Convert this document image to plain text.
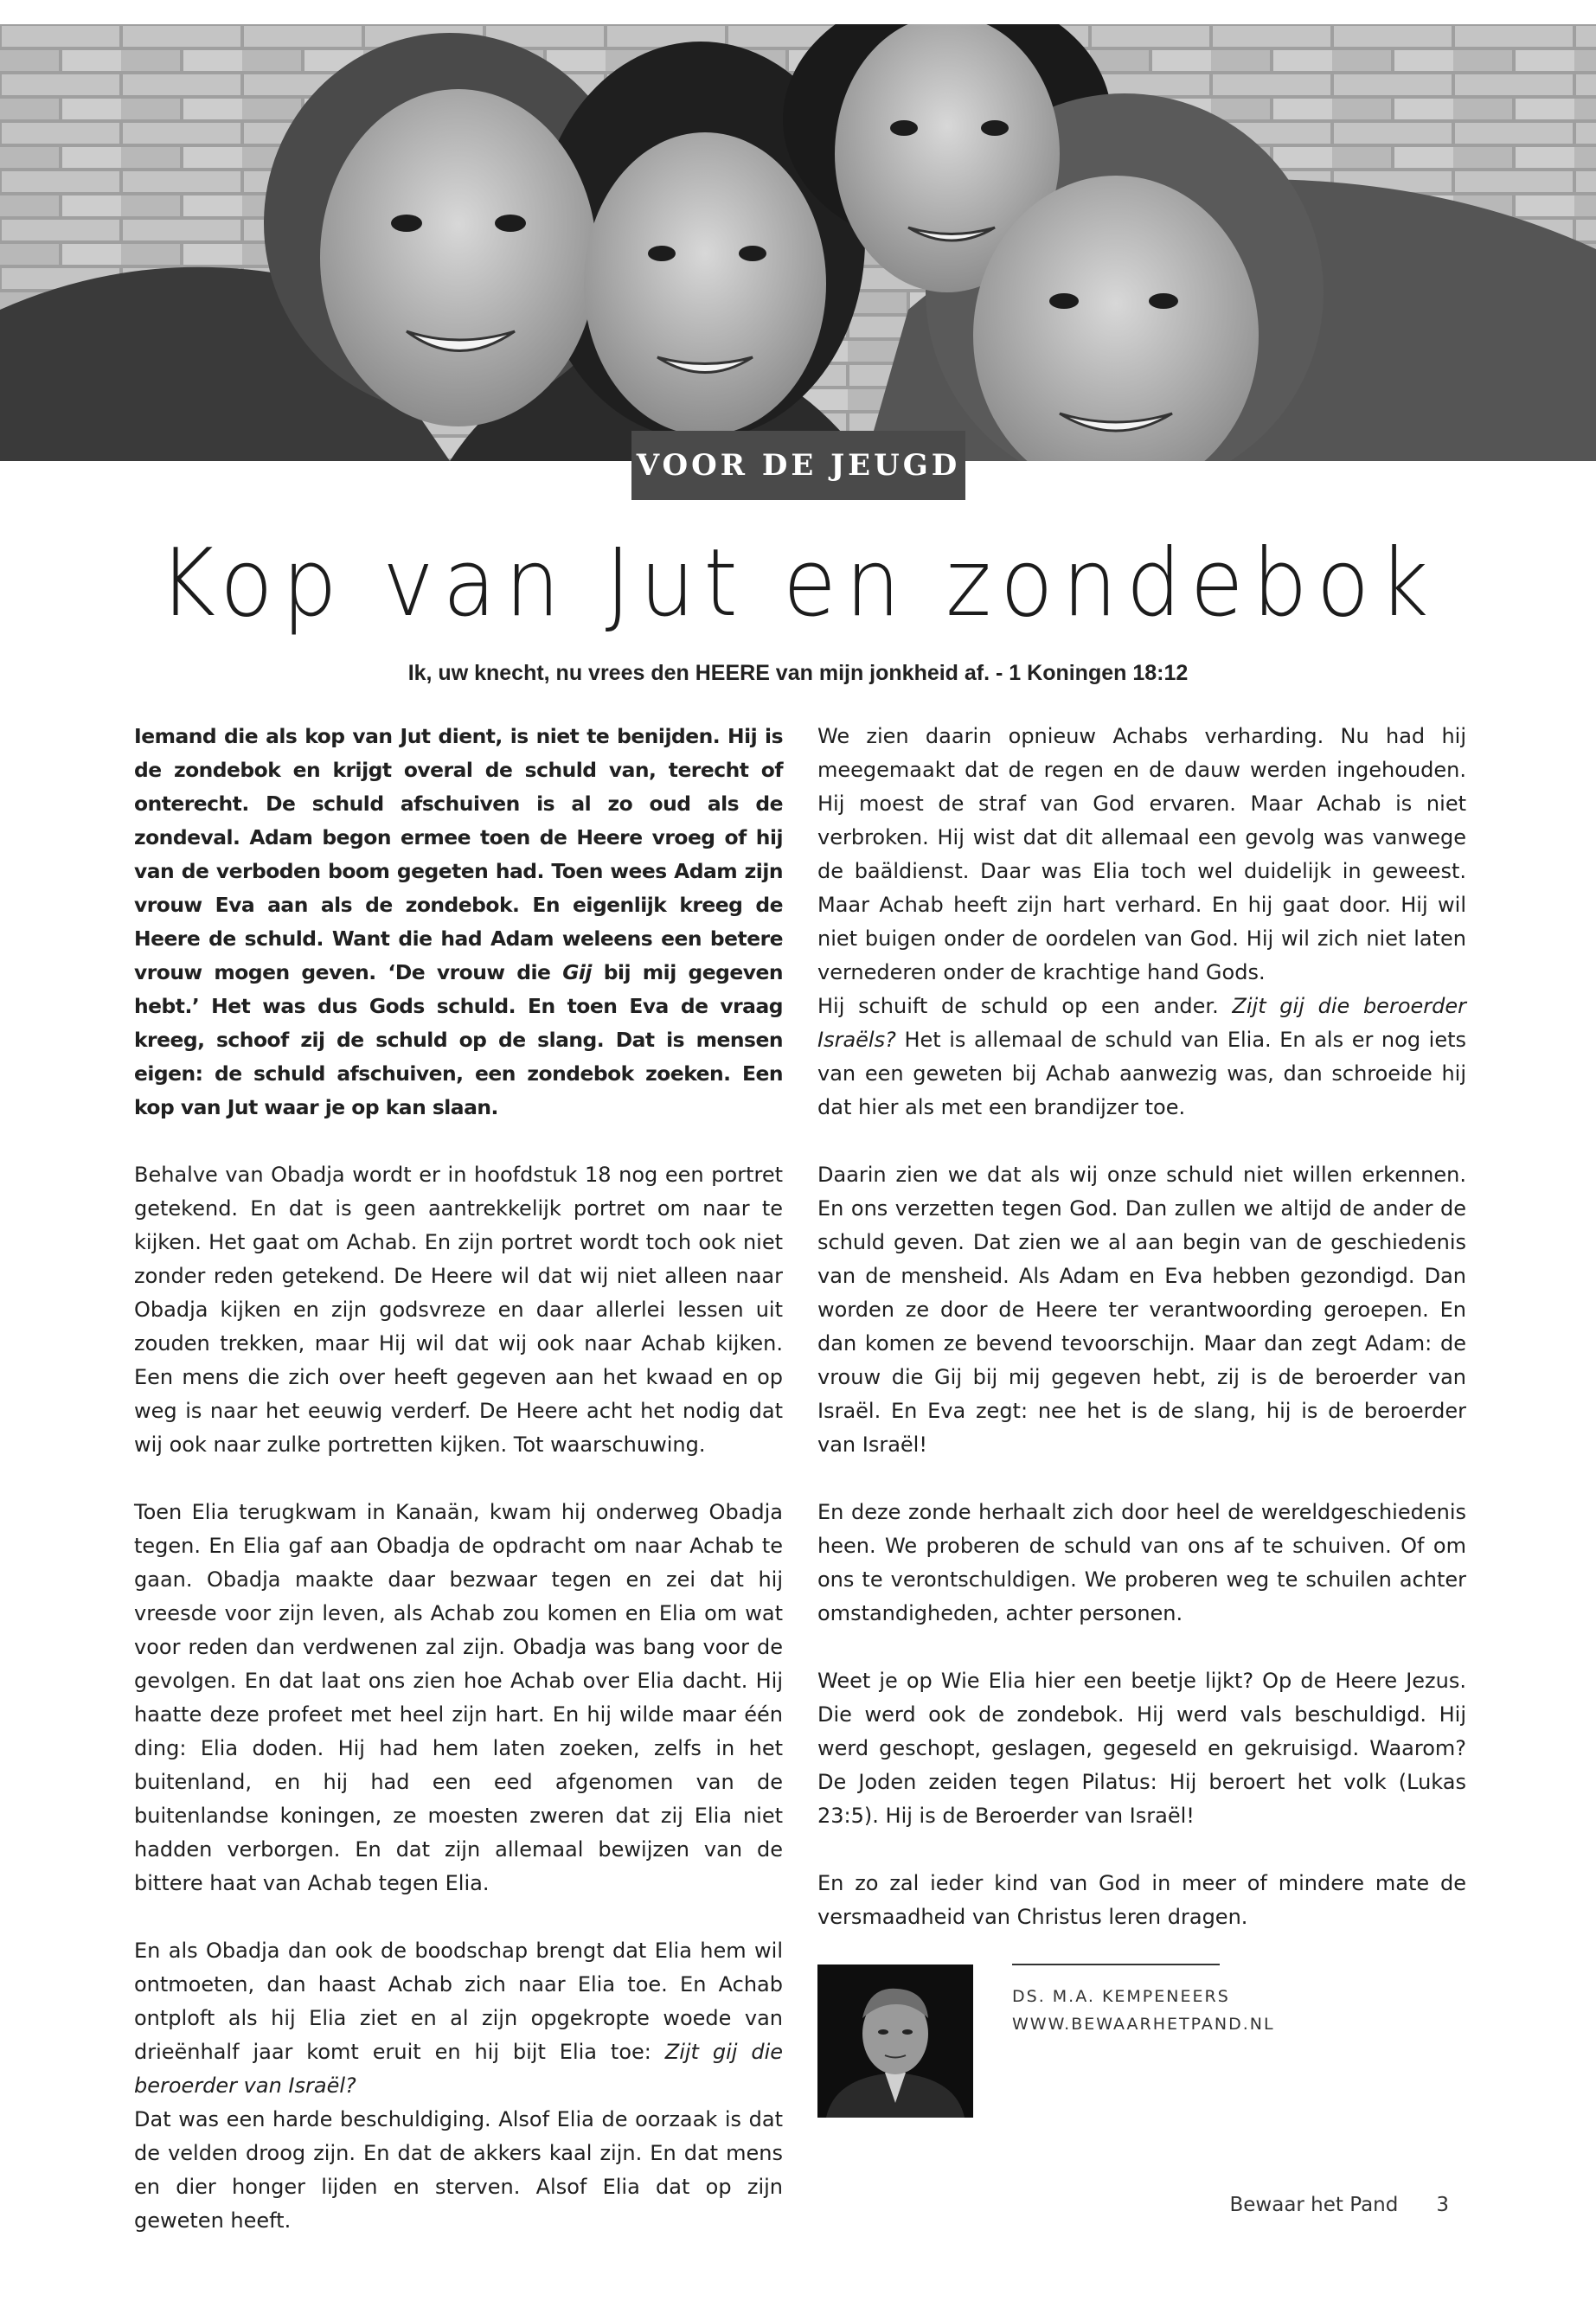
VOOR DE JEUGD
Kop van Jut en zondebok
Ik, uw knecht, nu vrees den HEERE van mijn jonkheid af. - 1 Koningen 18:12

Iemand die als kop van Jut dient, is niet te benijden. Hij is de zondebok en krijgt overal de schuld van, terecht of onterecht. De schuld afschuiven is al zo oud als de zondeval. Adam begon ermee toen de Heere vroeg of hij van de verboden boom gegeten had. Toen wees Adam zijn vrouw Eva aan als de zondebok. En eigenlijk kreeg de Heere de schuld. Want die had Adam weleens een betere vrouw mogen geven. ‘De vrouw die Gij bij mij gegeven hebt.’ Het was dus Gods schuld. En toen Eva de vraag kreeg, schoof zij de schuld op de slang. Dat is mensen eigen: de schuld afschuiven, een zondebok zoeken. Een kop van Jut waar je op kan slaan.

Behalve van Obadja wordt er in hoofdstuk 18 nog een portret getekend. En dat is geen aantrekkelijk portret om naar te kijken. Het gaat om Achab. En zijn portret wordt toch ook niet zonder reden getekend. De Heere wil dat wij niet alleen naar Obadja kijken en zijn godsvreze en daar allerlei lessen uit zouden trekken, maar Hij wil dat wij ook naar Achab kijken. Een mens die zich over heeft gegeven aan het kwaad en op weg is naar het eeuwig verderf. De Heere acht het nodig dat wij ook naar zulke portretten kijken. Tot waarschuwing.

Toen Elia terugkwam in Kanaän, kwam hij onderweg Obadja tegen. En Elia gaf aan Obadja de opdracht om naar Achab te gaan. Obadja maakte daar bezwaar tegen en zei dat hij vreesde voor zijn leven, als Achab zou komen en Elia om wat voor reden dan verdwenen zal zijn. Obadja was bang voor de gevolgen. En dat laat ons zien hoe Achab over Elia dacht. Hij haatte deze profeet met heel zijn hart. En hij wilde maar één ding: Elia doden. Hij had hem laten zoeken, zelfs in het buitenland, en hij had een eed afgenomen van de buitenlandse koningen, ze moesten zweren dat zij Elia niet hadden verborgen. En dat zijn allemaal bewijzen van de bittere haat van Achab tegen Elia.

En als Obadja dan ook de boodschap brengt dat Elia hem wil ontmoeten, dan haast Achab zich naar Elia toe. En Achab ontploft als hij Elia ziet en al zijn opgekropte woede van drieënhalf jaar komt eruit en hij bijt Elia toe: Zijt gij die beroerder van Israël?

Dat was een harde beschuldiging. Alsof Elia de oorzaak is dat de velden droog zijn. En dat de akkers kaal zijn. En dat mens en dier honger lijden en sterven. Alsof Elia dat op zijn geweten heeft.

We zien daarin opnieuw Achabs verharding. Nu had hij meegemaakt dat de regen en de dauw werden ingehouden. Hij moest de straf van God ervaren. Maar Achab is niet verbroken. Hij wist dat dit allemaal een gevolg was vanwege de baäldienst. Daar was Elia toch wel duidelijk in geweest. Maar Achab heeft zijn hart verhard. En hij gaat door. Hij wil niet buigen onder de oordelen van God. Hij wil zich niet laten vernederen onder de krachtige hand Gods.

Hij schuift de schuld op een ander. Zijt gij die beroerder Israëls? Het is allemaal de schuld van Elia. En als er nog iets van een geweten bij Achab aanwezig was, dan schroeide hij dat hier als met een brandijzer toe.

Daarin zien we dat als wij onze schuld niet willen erkennen. En ons verzetten tegen God. Dan zullen we altijd de ander de schuld geven. Dat zien we al aan begin van de geschiedenis van de mensheid. Als Adam en Eva hebben gezondigd. Dan worden ze door de Heere ter verantwoording geroepen. En dan komen ze bevend tevoorschijn. Maar dan zegt Adam: de vrouw die Gij bij mij gegeven hebt, zij is de beroerder van Israël. En Eva zegt: nee het is de slang, hij is de beroerder van Israël!

En deze zonde herhaalt zich door heel de wereldgeschiedenis heen. We proberen de schuld van ons af te schuiven. Of om ons te verontschuldigen. We proberen weg te schuilen achter omstandigheden, achter personen.

Weet je op Wie Elia hier een beetje lijkt? Op de Heere Jezus. Die werd ook de zondebok. Hij werd vals beschuldigd. Hij werd geschopt, geslagen, gegeseld en gekruisigd. Waarom? De Joden zeiden tegen Pilatus: Hij beroert het volk (Lukas 23:5). Hij is de Beroerder van Israël!

En zo zal ieder kind van God in meer of mindere mate de versmaadheid van Christus leren dragen.

DS. M.A. KEMPENEERS
WWW.BEWAARHETPAND.NL
Bewaar het Pand 3
